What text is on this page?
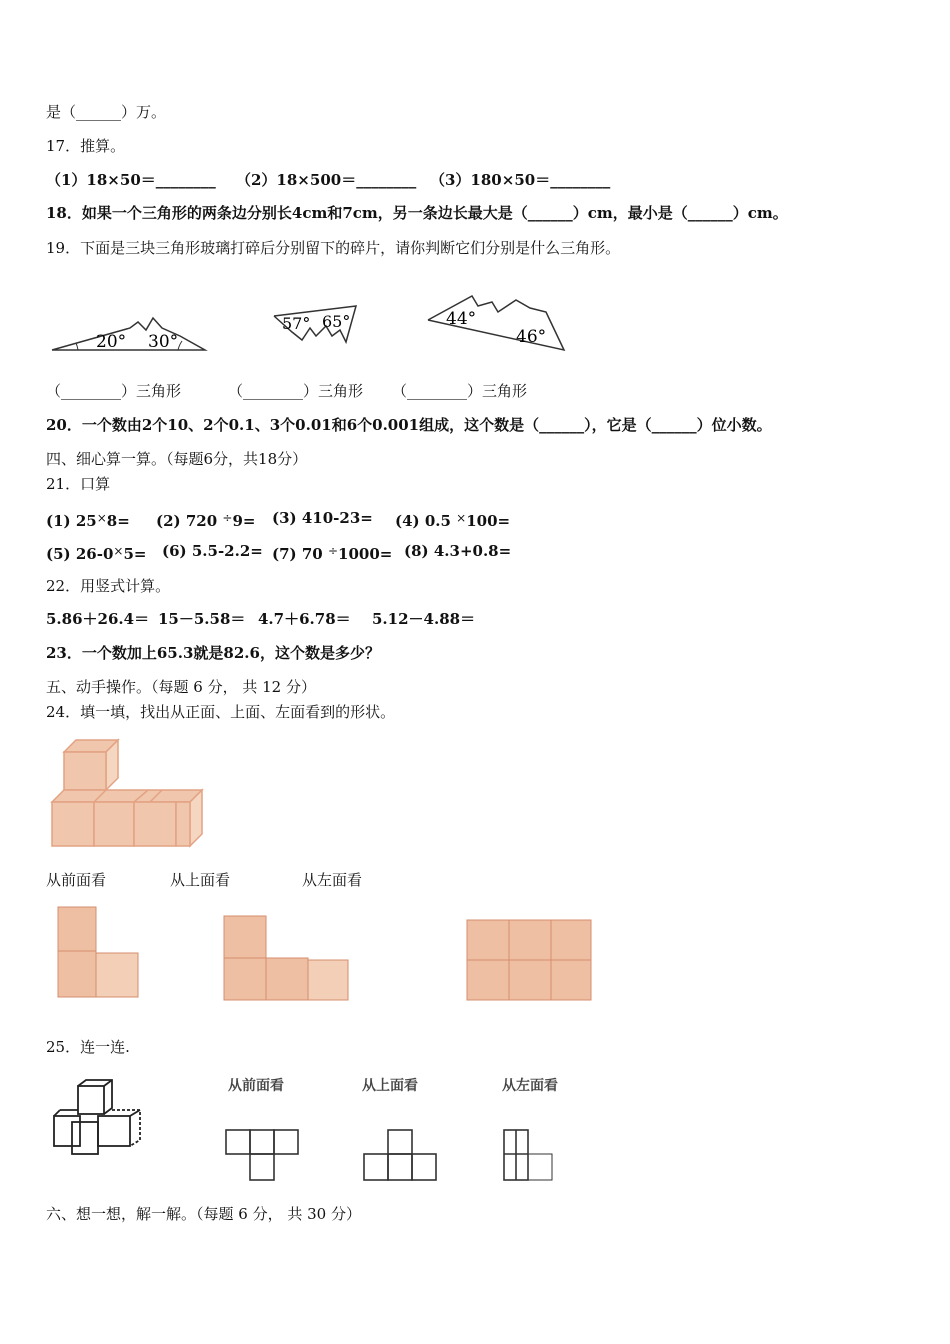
是（______）万。
17．推算。
（1）18×50＝________ （2）18×500＝________ （3）180×50＝________
18．如果一个三角形的两条边分别长4cm和7cm，另一条边长最大是（______）cm，最小是（______）cm。
19．下面是三块三角形玻璃打碎后分别留下的碎片，请你判断它们分别是什么三角形。
20° 30°
57° 65°	44°
46°
（________）三角形	（________）三角形 （________）三角形
20．一个数由2个10、2个0.1、3个0.01和6个0.001组成，这个数是（______），它是（______）位小数。
四、细心算一算。（每题6分，共18分）
21．口算
(1) 25×8= (2) 720 ÷9= (3) 410-23= (4) 0.5 ×100=
(5) 26-0×5= (6) 5.5-2.2= (7) 70 ÷1000= (8) 4.3+0.8=
22．用竖式计算。
5.86＋26.4＝ 15－5.58＝ 4.7＋6.78＝ 5.12－4.88＝
23．一个数加上65.3就是82.6，这个数是多少？
五、动手操作。（每题 6 分， 共 12 分）
24．填一填，找出从正面、上面、左面看到的形状。
从前面看	从上面看	从左面看
25．连一连.
从前面看	从上面看	从左面看
六、想一想，解一解。（每题 6 分， 共 30 分）
